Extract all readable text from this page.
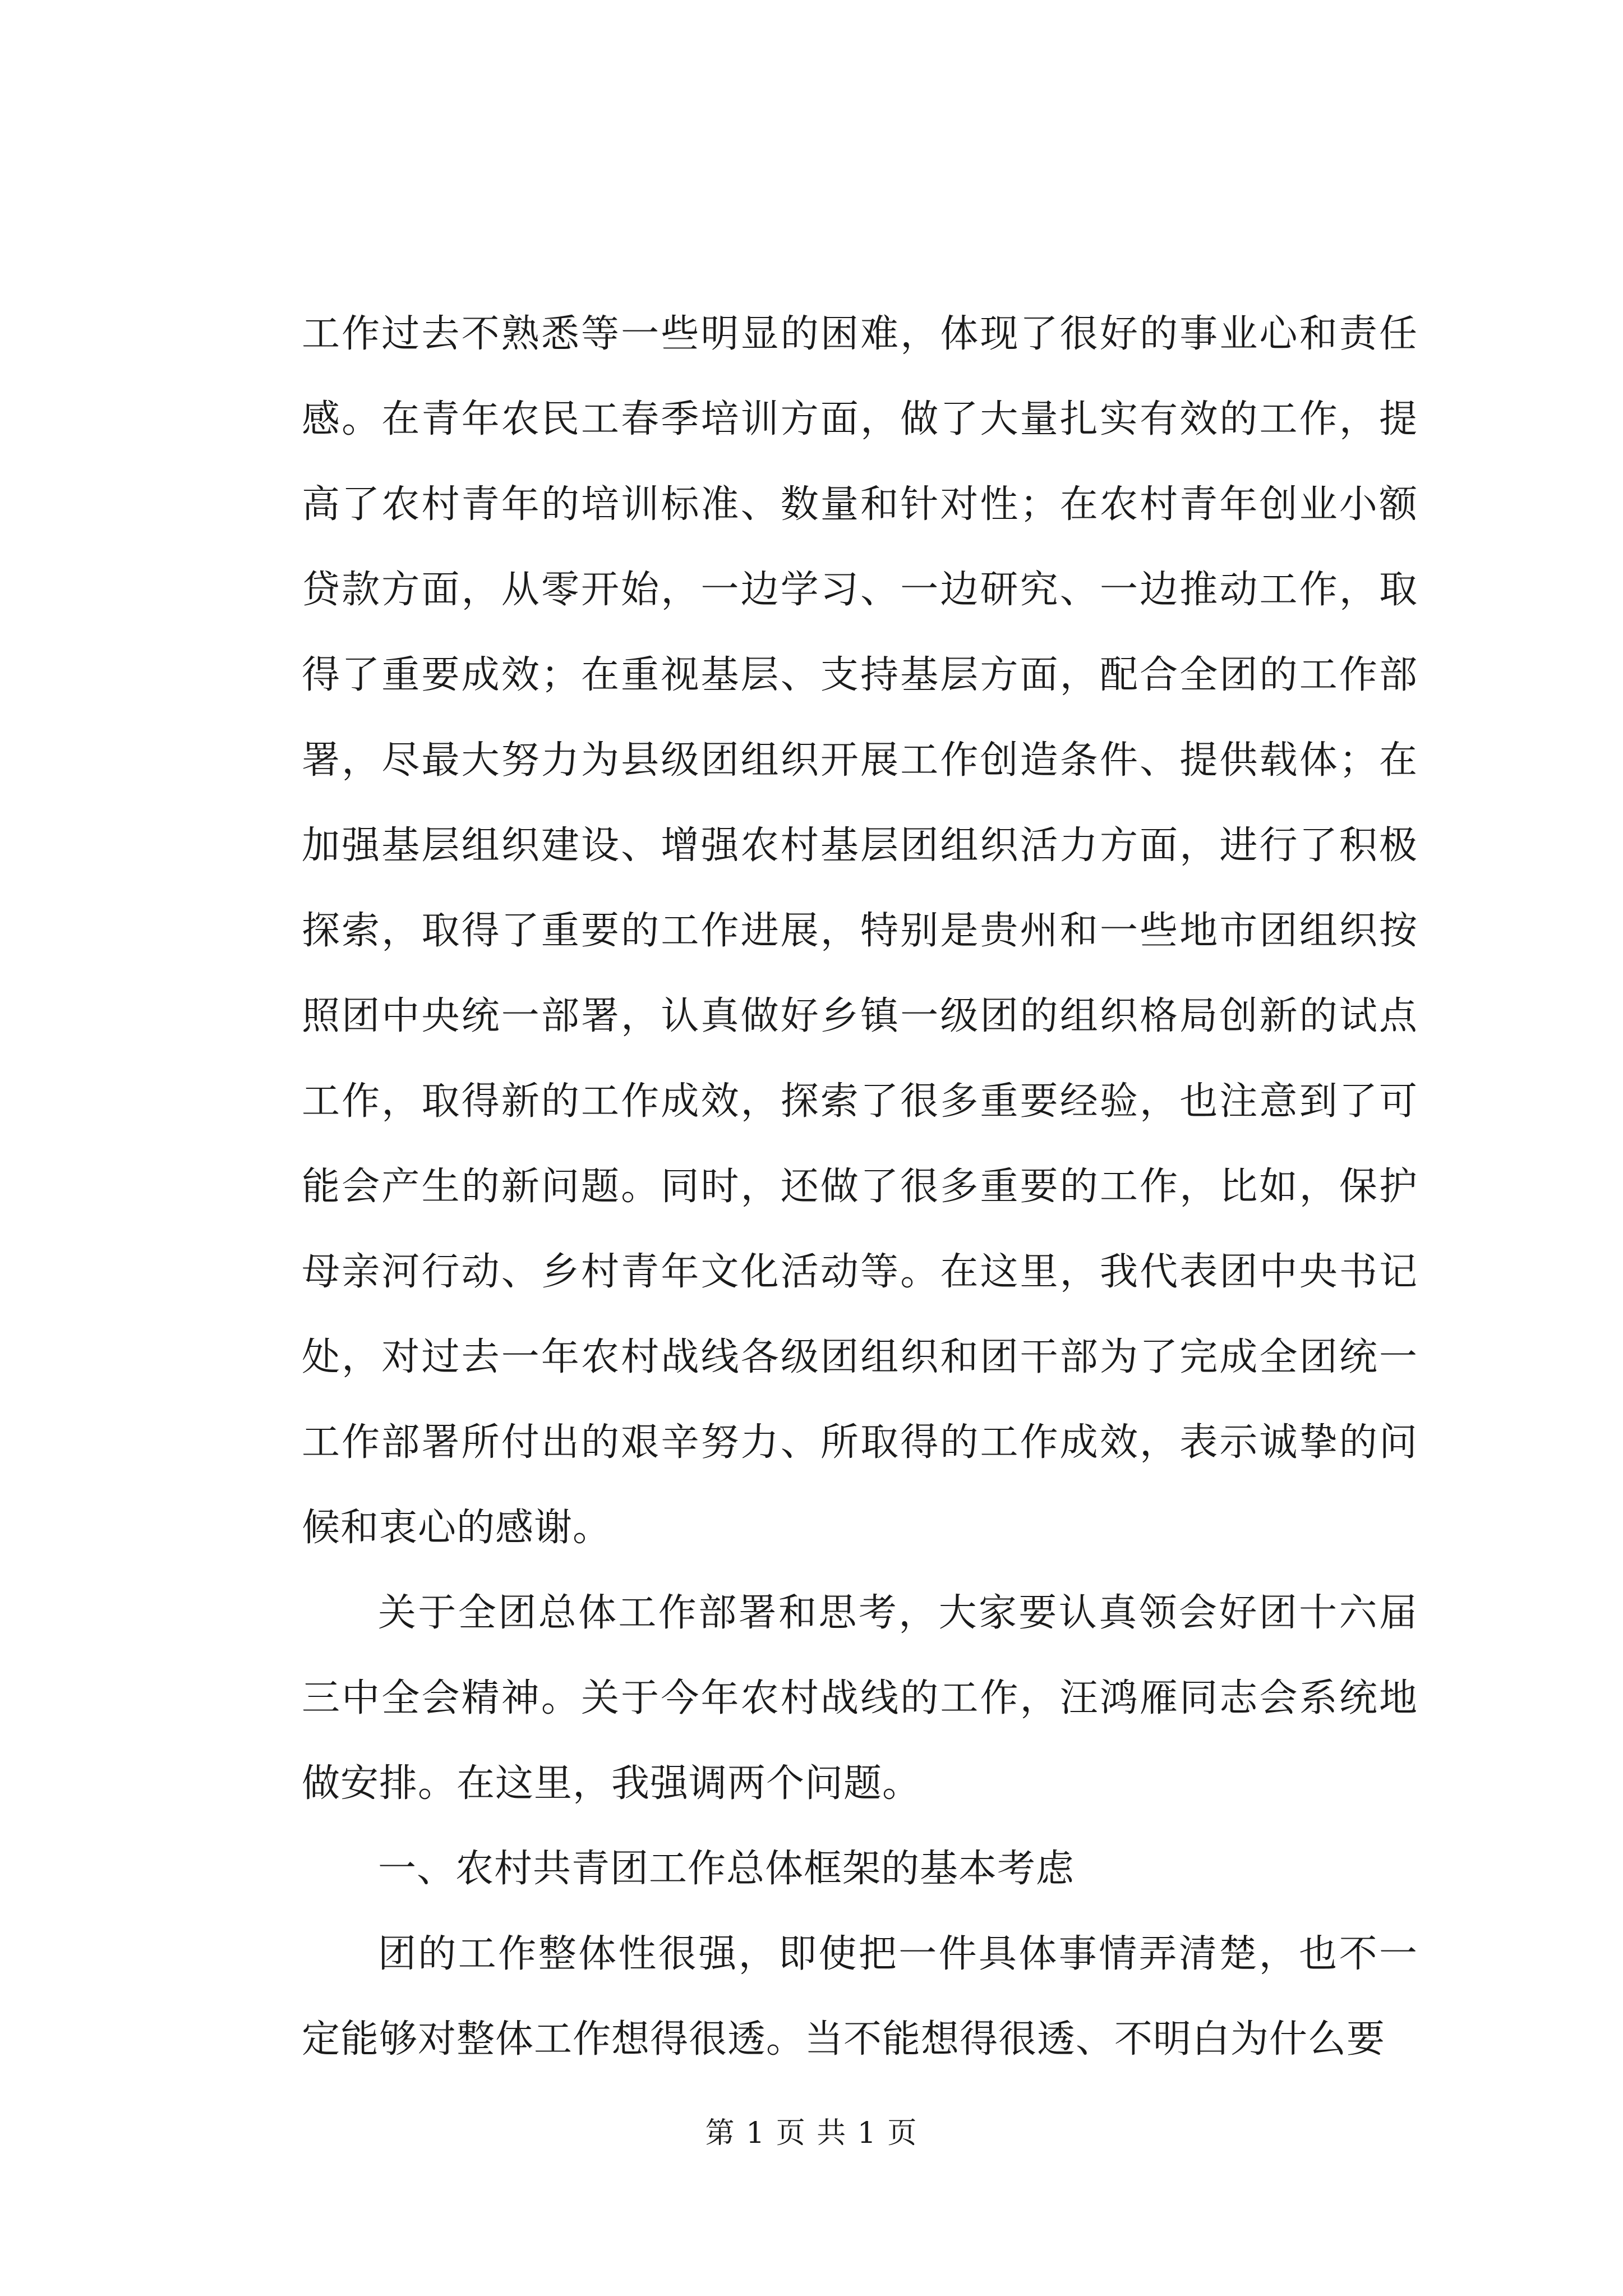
工作过去不熟悉等一些明显的困难，体现了很好的事业心和责任感。在青年农民工春季培训方面，做了大量扎实有效的工作，提高了农村青年的培训标准、数量和针对性；在农村青年创业小额贷款方面，从零开始，一边学习、一边研究、一边推动工作，取得了重要成效；在重视基层、支持基层方面，配合全团的工作部署，尽最大努力为县级团组织开展工作创造条件、提供载体；在加强基层组织建设、增强农村基层团组织活力方面，进行了积极探索，取得了重要的工作进展，特别是贵州和一些地市团组织按照团中央统一部署，认真做好乡镇一级团的组织格局创新的试点工作，取得新的工作成效，探索了很多重要经验，也注意到了可能会产生的新问题。同时，还做了很多重要的工作，比如，保护母亲河行动、乡村青年文化活动等。在这里，我代表团中央书记处，对过去一年农村战线各级团组织和团干部为了完成全团统一工作部署所付出的艰辛努力、所取得的工作成效，表示诚挚的问候和衷心的感谢。

关于全团总体工作部署和思考，大家要认真领会好团十六届三中全会精神。关于今年农村战线的工作，汪鸿雁同志会系统地做安排。在这里，我强调两个问题。

一、农村共青团工作总体框架的基本考虑

团的工作整体性很强，即使把一件具体事情弄清楚，也不一定能够对整体工作想得很透。当不能想得很透、不明白为什么要

第 1 页 共 1 页
